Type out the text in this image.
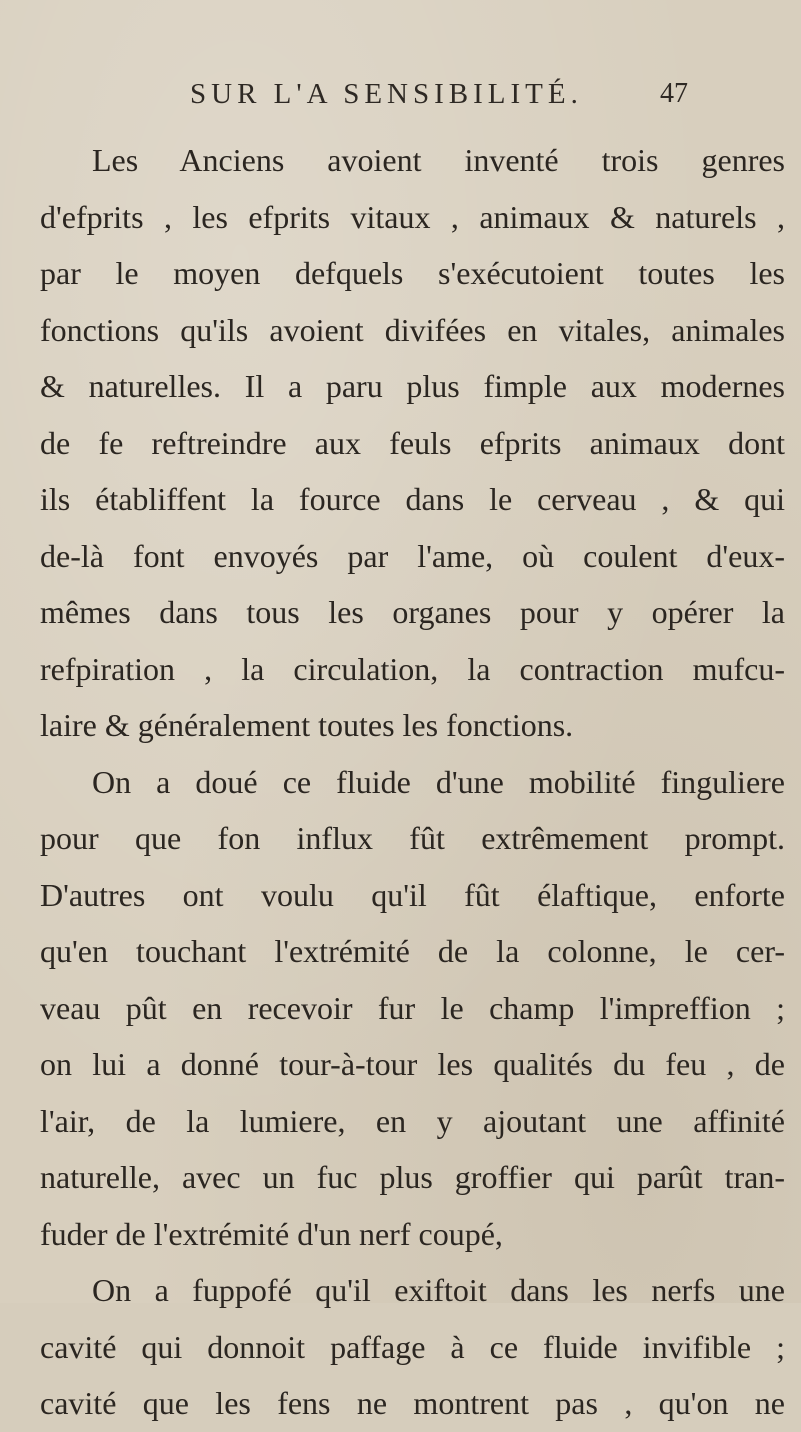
SUR L'A SENSIBILITÉ.	47
Les Anciens avoient inventé trois genres
d'efprits , les efprits vitaux , animaux & naturels ,
par le moyen defquels s'exécutoient toutes les
fonctions qu'ils avoient divifées en vitales, animales
& naturelles. Il a paru plus fimple aux modernes
de fe reftreindre aux feuls efprits animaux dont
ils établiffent la fource dans le cerveau , & qui
de-là font envoyés par l'ame, où coulent d'eux-
mêmes dans tous les organes pour y opérer la
refpiration , la circulation, la contraction mufcu-
laire & généralement toutes les fonctions.
On a doué ce fluide d'une mobilité finguliere
pour que fon influx fût extrêmement prompt.
D'autres ont voulu qu'il fût élaftique, enforte
qu'en touchant l'extrémité de la colonne, le cer-
veau pût en recevoir fur le champ l'impreffion ;
on lui a donné tour-à-tour les qualités du feu , de
l'air, de la lumiere, en y ajoutant une affinité
naturelle, avec un fuc plus groffier qui parût tran-
fuder de l'extrémité d'un nerf coupé,
On a fuppofé qu'il exiftoit dans les nerfs une
cavité qui donnoit paffage à ce fluide invifible ;
cavité que les fens ne montrent pas , qu'on ne
